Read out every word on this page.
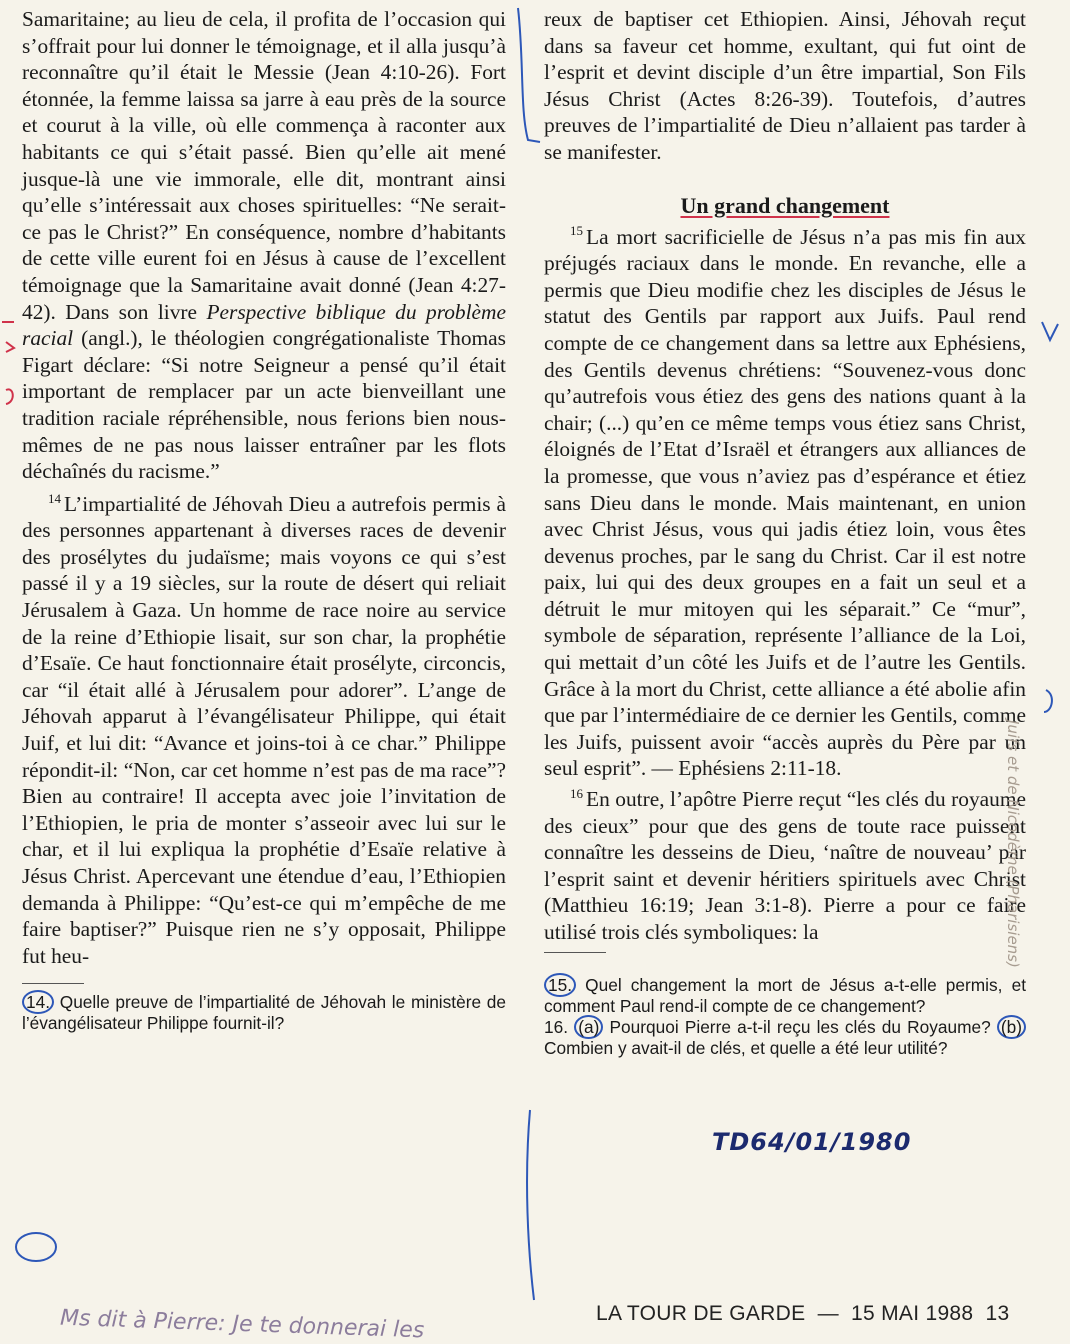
Samaritaine; au lieu de cela, il profita de l’occasion qui s’offrait pour lui donner le témoignage, et il alla jusqu’à reconnaître qu’il était le Messie (Jean 4:10-26). Fort étonnée, la femme laissa sa jarre à eau près de la source et courut à la ville, où elle commença à raconter aux habitants ce qui s’était passé. Bien qu’elle ait mené jusque-là une vie immorale, elle dit, montrant ainsi qu’elle s’intéressait aux choses spirituelles: “Ne serait-ce pas le Christ?” En conséquence, nombre d’habitants de cette ville eurent foi en Jésus à cause de l’excellent témoignage que la Samaritaine avait donné (Jean 4:27-42). Dans son livre Perspective biblique du problème racial (angl.), le théologien congrégationaliste Thomas Figart déclare: “Si notre Seigneur a pensé qu’il était important de remplacer par un acte bienveillant une tradition raciale répréhensible, nous ferions bien nous-mêmes de ne pas nous laisser entraîner par les flots déchaînés du racisme.”

$^{14}$ L’impartialité de Jéhovah Dieu a autrefois permis à des personnes appartenant à diverses races de devenir des prosélytes du judaïsme; mais voyons ce qui s’est passé il y a 19 siècles, sur la route de désert qui reliait Jérusalem à Gaza. Un homme de race noire au service de la reine d’Ethiopie lisait, sur son char, la prophétie d’Esaïe. Ce haut fonctionnaire était prosélyte, circoncis, car “il était allé à Jérusalem pour adorer”. L’ange de Jéhovah apparut à l’évangélisateur Philippe, qui était Juif, et lui dit: “Avance et joins-toi à ce char.” Philippe répondit-il: “Non, car cet homme n’est pas de ma race”? Bien au contraire! Il accepta avec joie l’invitation de l’Ethiopien, le pria de monter s’asseoir avec lui sur le char, et il lui expliqua la prophétie d’Esaïe relative à Jésus Christ. Apercevant une étendue d’eau, l’Ethiopien demanda à Philippe: “Qu’est-ce qui m’empêche de me faire baptiser?” Puisque rien ne s’y opposait, Philippe fut heu-

14. Quelle preuve de l’impartialité de Jéhovah le ministère de l’évangélisateur Philippe fournit-il?

reux de baptiser cet Ethiopien. Ainsi, Jéhovah reçut dans sa faveur cet homme, exultant, qui fut oint de l’esprit et devint disciple d’un être impartial, Son Fils Jésus Christ (Actes 8:26-39). Toutefois, d’autres preuves de l’impartialité de Dieu n’allaient pas tarder à se manifester.

Un grand changement

$^{15}$ La mort sacrificielle de Jésus n’a pas mis fin aux préjugés raciaux dans le monde. En revanche, elle a permis que Dieu modifie chez les disciples de Jésus le statut des Gentils par rapport aux Juifs. Paul rend compte de ce changement dans sa lettre aux Ephésiens, des Gentils devenus chrétiens: “Souvenez-vous donc qu’autrefois vous étiez des gens des nations quant à la chair; (...) qu’en ce même temps vous étiez sans Christ, éloignés de l’Etat d’Israël et étrangers aux alliances de la promesse, que vous n’aviez pas d’espérance et étiez sans Dieu dans le monde. Mais maintenant, en union avec Christ Jésus, vous qui jadis étiez loin, vous êtes devenus proches, par le sang du Christ. Car il est notre paix, lui qui des deux groupes en a fait un seul et a détruit le mur mitoyen qui les séparait.” Ce “mur”, symbole de séparation, représente l’alliance de la Loi, qui mettait d’un côté les Juifs et de l’autre les Gentils. Grâce à la mort du Christ, cette alliance a été abolie afin que par l’intermédiaire de ce dernier les Gentils, comme les Juifs, puissent avoir “accès auprès du Père par un seul esprit”. — Ephésiens 2:11-18.

$^{16}$ En outre, l’apôtre Pierre reçut “les clés du royaume des cieux” pour que des gens de toute race puissent connaître les desseins de Dieu, ‘naître de nouveau’ par l’esprit saint et devenir héritiers spirituels avec Christ (Matthieu 16:19; Jean 3:1-8). Pierre a pour ce faire utilisé trois clés symboliques: la

15. Quel changement la mort de Jésus a-t-elle permis, et comment Paul rend-il compte de ce changement?

16. (a) Pourquoi Pierre a-t-il reçu les clés du Royaume? (b) Combien y avait-il de clés, et quelle a été leur utilité?

LA TOUR DE GARDE — 15 MAI 1988 13
TD64/01/1980
Ms dit à Pierre: Je te donnerai les
Juifs et de Nicodème (Pharisiens)
